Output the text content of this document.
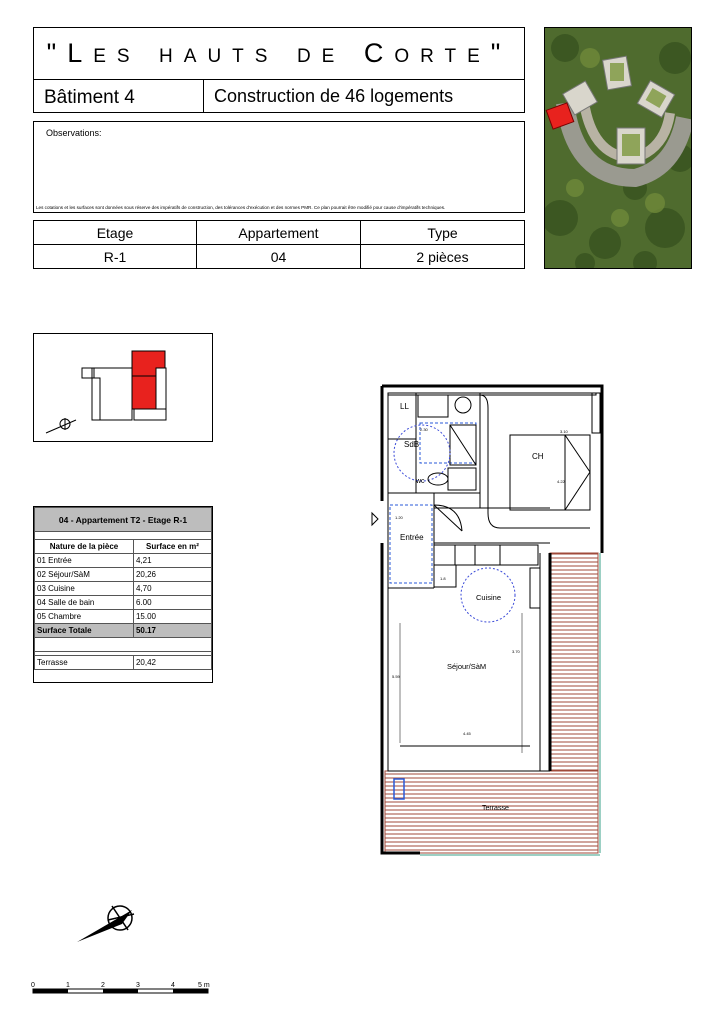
"Les hauts de Corte"
Bâtiment 4	Construction de 46 logements
Observations:
Les cotations et les surfaces sont données sous réserve des impératifs de construction, des tolérances d'exécution et des normes PMR. Ce plan pourrait être modifié pour cause d'impératifs techniques.
Etage	Appartement	Type
R-1	04	2 pièces
04 - Appartement T2 - Etage R-1	

Nature de la pièce	Surface en m²
01 Entrée	4,21
02 Séjour/SàM	20,26
03 Cuisine	4,70
04 Salle de bain	6.00
05 Chambre	15.00
Surface Totale	50.17

Terrasse	20,42
SdB
wc
CH
Entrée
Cuisine
Séjour/SàM
Terrasse
LL
3.10
4.22
1.20
4.45
3.70
5.59
2.30
1.8
0	1	2	3	4	5 m
